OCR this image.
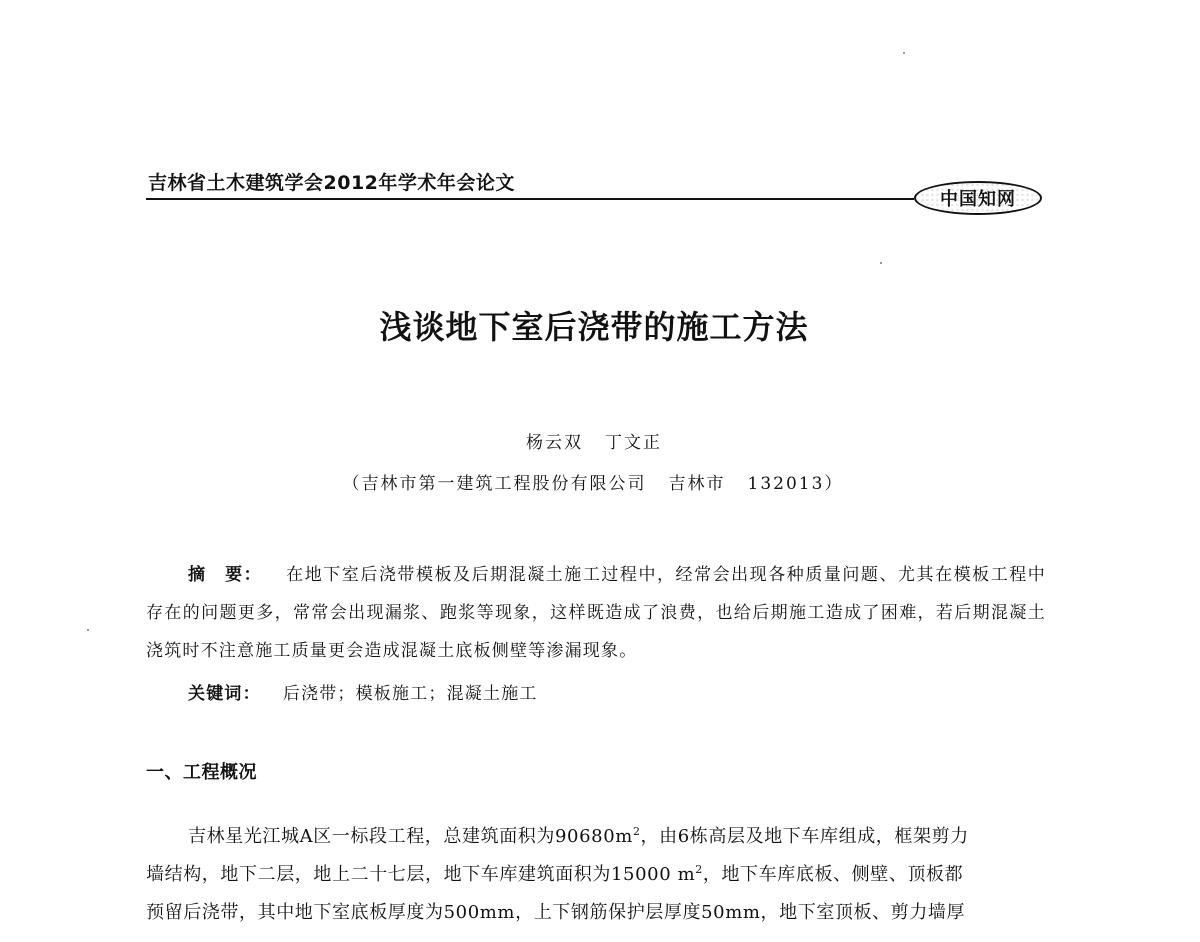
吉林省土木建筑学会2012年学术年会论文
中国知网
浅谈地下室后浇带的施工方法
杨云双 丁文正
（吉林市第一建筑工程股份有限公司 吉林市 132013）
摘　要： 在地下室后浇带模板及后期混凝土施工过程中，经常会出现各种质量问题、尤其在模板工程中存在的问题更多，常常会出现漏浆、跑浆等现象，这样既造成了浪费，也给后期施工造成了困难，若后期混凝土浇筑时不注意施工质量更会造成混凝土底板侧壁等渗漏现象。
关键词： 后浇带；模板施工；混凝土施工
一、工程概况
吉林星光江城A区一标段工程，总建筑面积为$90680m^2$，由6栋高层及地下车库组成，框架剪力
墙结构，地下二层，地上二十七层，地下车库建筑面积为15000 $m^2$，地下车库底板、侧壁、顶板都
预留后浇带，其中地下室底板厚度为500mm，上下钢筋保护层厚度50mm，地下室顶板、剪力墙厚
